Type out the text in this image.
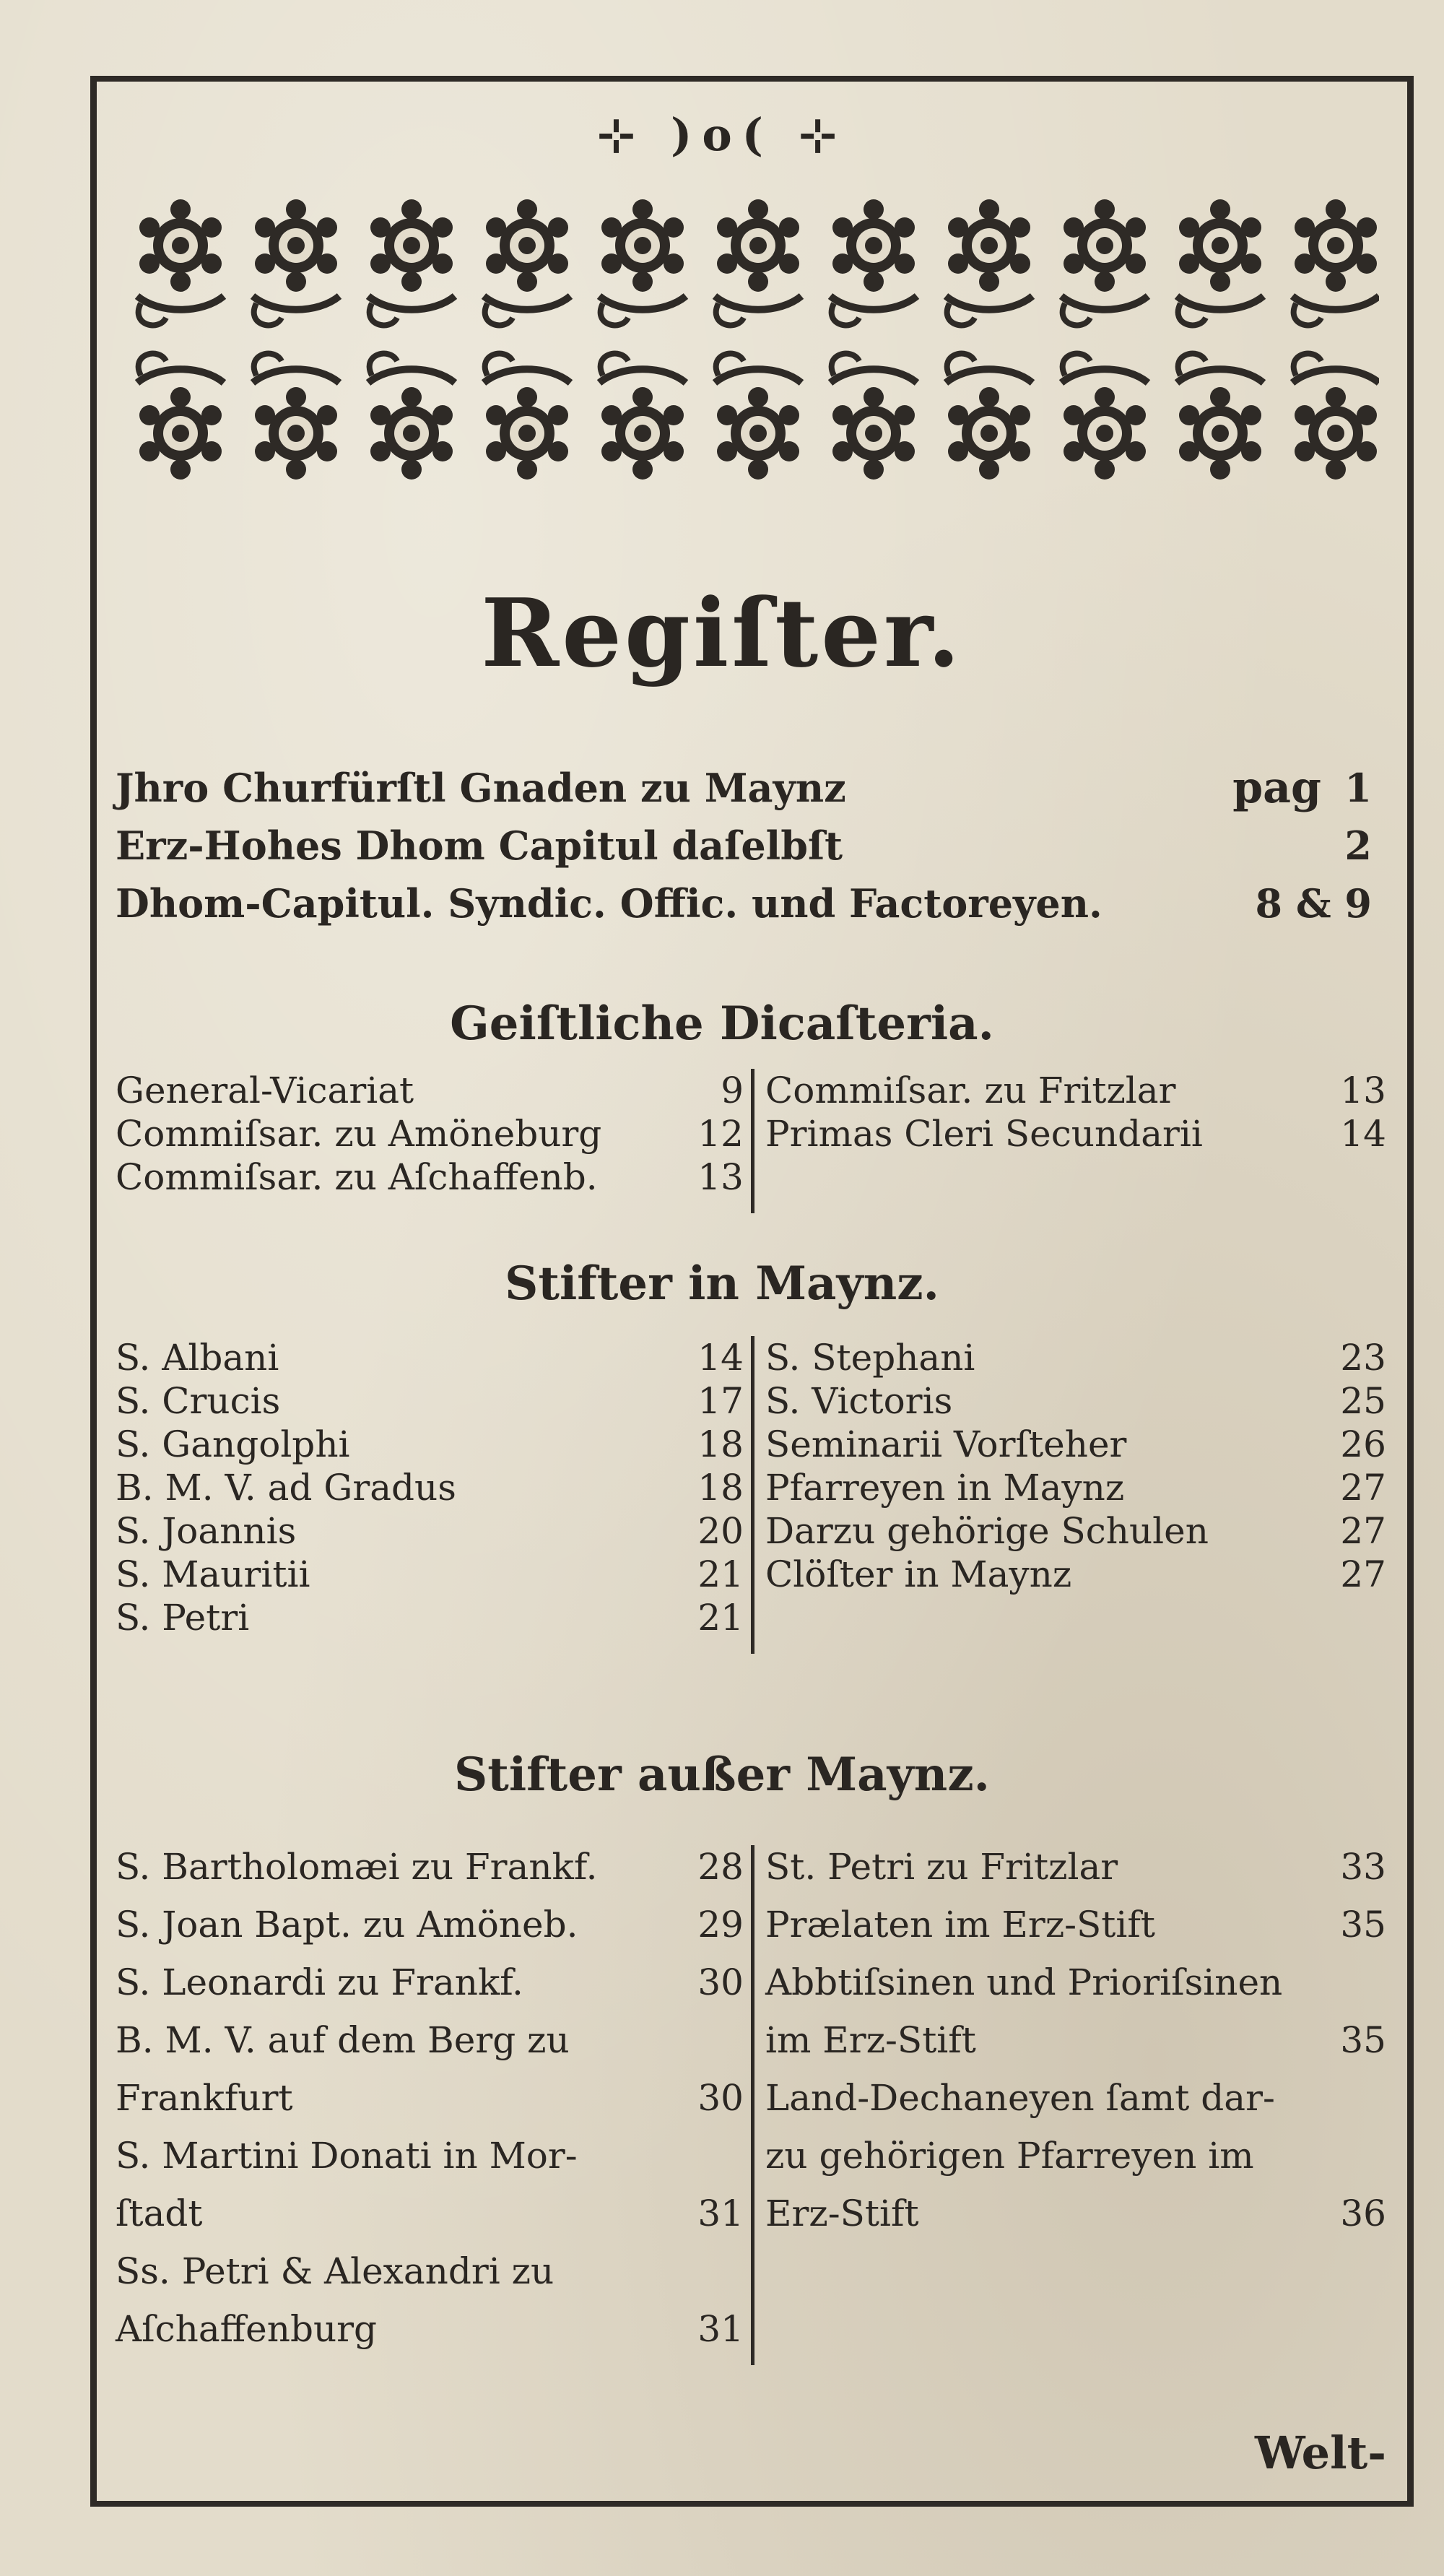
⊹ )o( ⊹
Regiſter.
Jhro Churfürſtl Gnaden zu Maynz	pag 1
Erz-Hohes Dhom Capitul daſelbſt	2
Dhom-Capitul. Syndic. Offic. und Factoreyen.	8 & 9
Geiſtliche Dicaſteria.
General-Vicariat	9
Commiſsar. zu Amöneburg	12
Commiſsar. zu Aſchaffenb.	13
Commiſsar. zu Fritzlar	13
Primas Cleri Secundarii	14
Stifter in Maynz.
S. Albani	14
S. Crucis	17
S. Gangolphi	18
B. M. V. ad Gradus	18
S. Joannis	20
S. Mauritii	21
S. Petri	21
S. Stephani	23
S. Victoris	25
Seminarii Vorſteher	26
Pfarreyen in Maynz	27
Darzu gehörige Schulen	27
Clöſter in Maynz	27
Stifter außer Maynz.
S. Bartholomæi zu Frankf.	28
S. Joan Bapt. zu Amöneb.	29
S. Leonardi zu Frankf.	30
B. M. V. auf dem Berg zu
Frankfurt	30
S. Martini Donati in Mor-
ſtadt	31
Ss. Petri & Alexandri zu
Aſchaffenburg	31
St. Petri zu Fritzlar	33
Prælaten im Erz-Stift	35
Abbtiſsinen und Prioriſsinen
im Erz-Stift	35
Land-Dechaneyen ſamt dar-
zu gehörigen Pfarreyen im
Erz-Stift	36
Welt-
